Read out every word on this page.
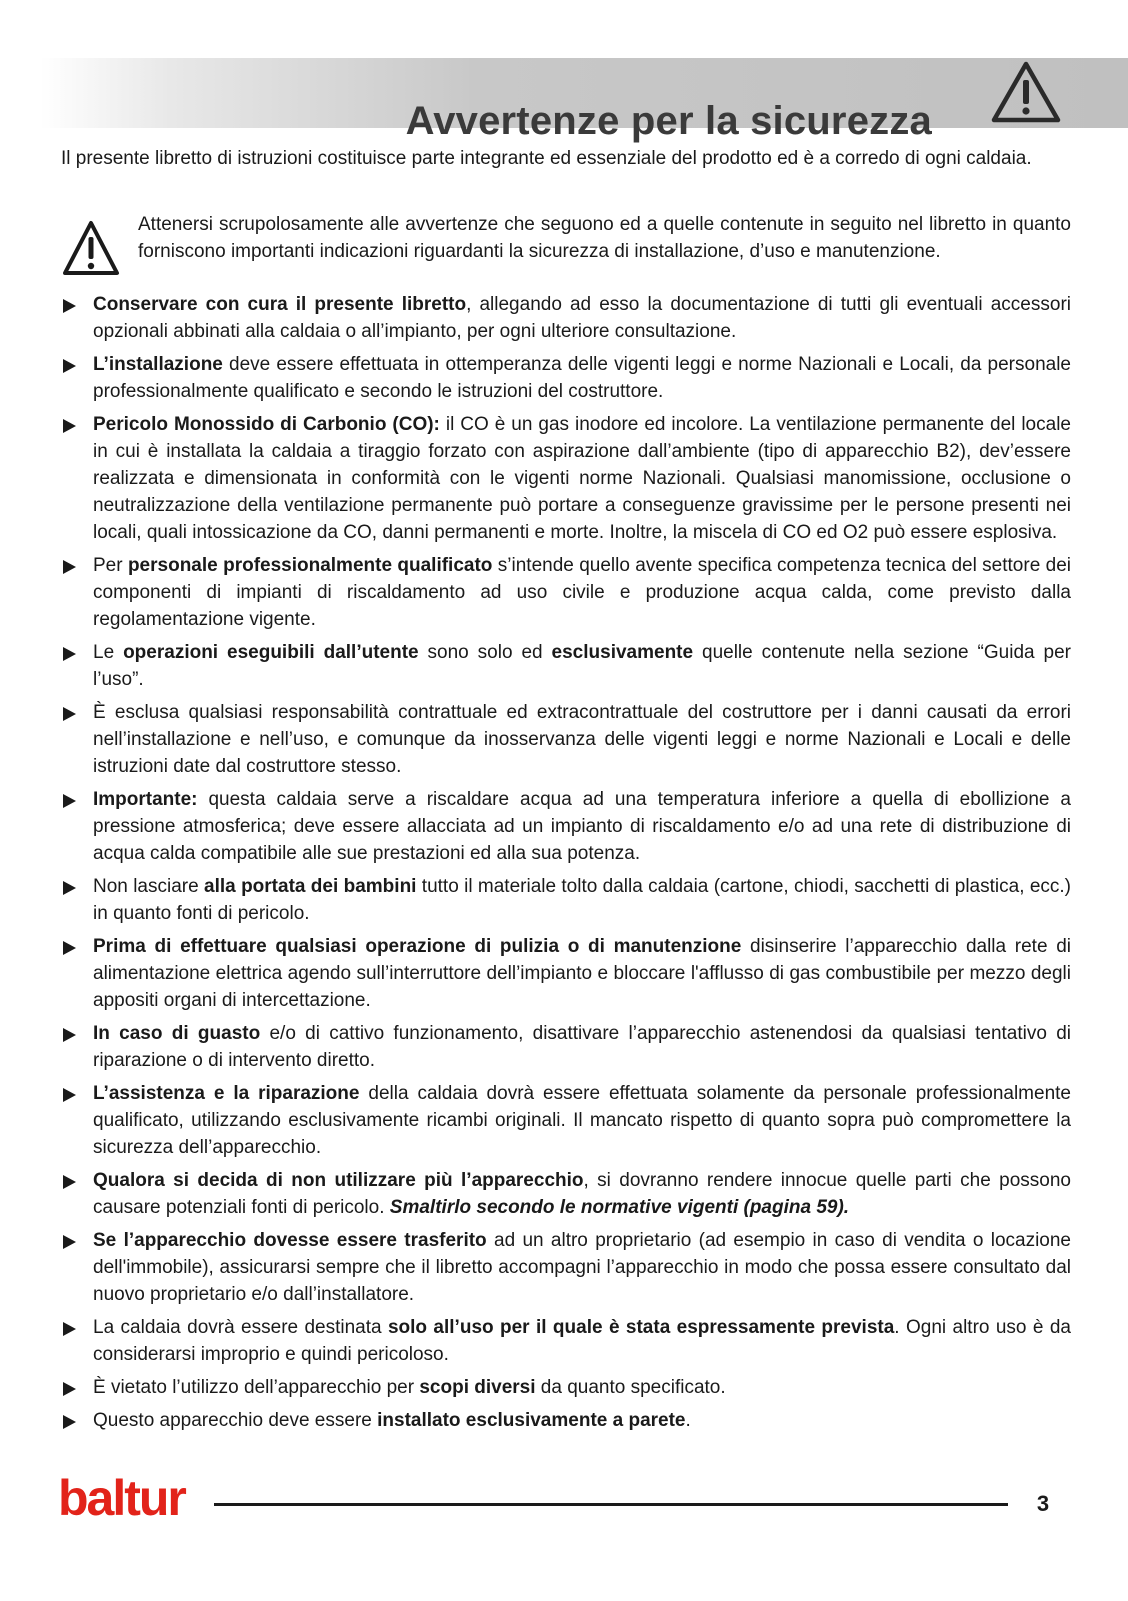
Avvertenze per la sicurezza

Il presente libretto di istruzioni costituisce parte integrante ed essenziale del prodotto ed è a corredo di ogni caldaia.

Attenersi scrupolosamente alle avvertenze che seguono ed a quelle contenute in seguito nel libretto in quanto forniscono importanti indicazioni riguardanti la sicurezza di installazione, d’uso e manutenzione.

Conservare con cura il presente libretto, allegando ad esso la documentazione di tutti gli eventuali accessori opzionali abbinati alla caldaia o all’impianto, per ogni ulteriore consultazione.
L’installazione deve essere effettuata in ottemperanza delle vigenti leggi e norme Nazionali e Locali, da personale professionalmente qualificato e secondo le istruzioni del costruttore.
Pericolo Monossido di Carbonio (CO): il CO è un gas inodore ed incolore. La ventilazione permanente del locale in cui è installata la caldaia a tiraggio forzato con aspirazione dall’ambiente (tipo di apparecchio B2), dev’essere realizzata e dimensionata in conformità con le vigenti norme Nazionali. Qualsiasi manomissione, occlusione o neutralizzazione della ventilazione permanente può portare a conseguenze gravissime per le persone presenti nei locali, quali intossicazione da CO, danni permanenti e morte. Inoltre, la miscela di CO ed O2 può essere esplosiva.
Per personale professionalmente qualificato s’intende quello avente specifica competenza tecnica del settore dei componenti di impianti di riscaldamento ad uso civile e produzione acqua calda, come previsto dalla regolamentazione vigente.
Le operazioni eseguibili dall’utente sono solo ed esclusivamente quelle contenute nella sezione “Guida per l’uso”.
È esclusa qualsiasi responsabilità contrattuale ed extracontrattuale del costruttore per i danni causati da errori nell’installazione e nell’uso, e comunque da inosservanza delle vigenti leggi e norme Nazionali e Locali e delle istruzioni date dal costruttore stesso.
Importante: questa caldaia serve a riscaldare acqua ad una temperatura inferiore a quella di ebollizione a pressione atmosferica; deve essere allacciata ad un impianto di riscaldamento e/o ad una rete di distribuzione di acqua calda compatibile alle sue prestazioni ed alla sua potenza.
Non lasciare alla portata dei bambini tutto il materiale tolto dalla caldaia (cartone, chiodi, sacchetti di plastica, ecc.) in quanto fonti di pericolo.
Prima di effettuare qualsiasi operazione di pulizia o di manutenzione disinserire l’apparecchio dalla rete di alimentazione elettrica agendo sull’interruttore dell’impianto e bloccare l'afflusso di gas combustibile per mezzo degli appositi organi di intercettazione.
In caso di guasto e/o di cattivo funzionamento, disattivare l’apparecchio astenendosi da qualsiasi tentativo di riparazione o di intervento diretto.
L’assistenza e la riparazione della caldaia dovrà essere effettuata solamente da personale professionalmente qualificato, utilizzando esclusivamente ricambi originali. Il mancato rispetto di quanto sopra può compromettere la sicurezza dell’apparecchio.
Qualora si decida di non utilizzare più l’apparecchio, si dovranno rendere innocue quelle parti che possono causare potenziali fonti di pericolo. Smaltirlo secondo le normative vigenti (pagina 59).
Se l’apparecchio dovesse essere trasferito ad un altro proprietario (ad esempio in caso di vendita o locazione dell'immobile), assicurarsi sempre che il libretto accompagni l’apparecchio in modo che possa essere consultato dal nuovo proprietario e/o dall’installatore.
La caldaia dovrà essere destinata solo all’uso per il quale è stata espressamente prevista. Ogni altro uso è da considerarsi improprio e quindi pericoloso.
È vietato l’utilizzo dell’apparecchio per scopi diversi da quanto specificato.
Questo apparecchio deve essere installato esclusivamente a parete.
baltur	3
